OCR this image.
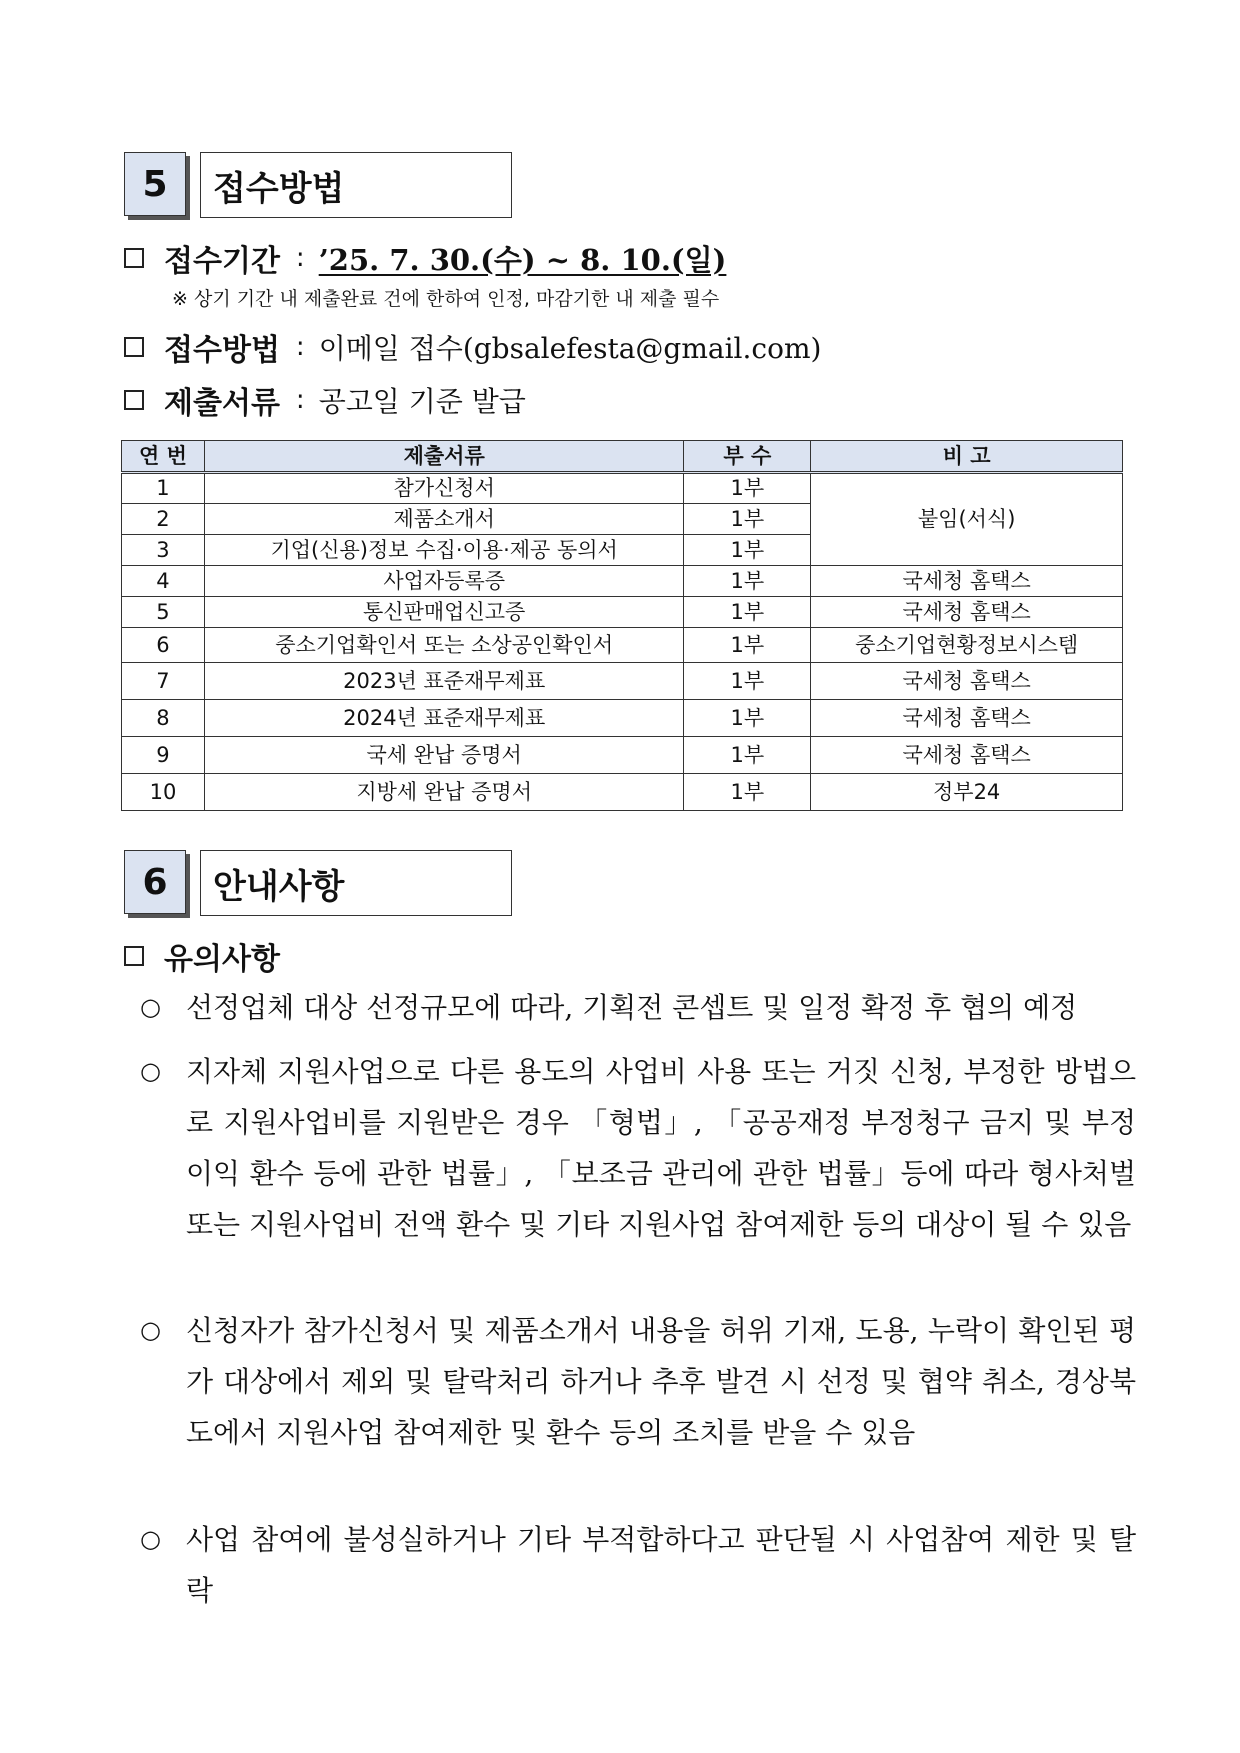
5	접수방법
접수기간 : ’25. 7. 30.(수) ~ 8. 10.(일)
※ 상기 기간 내 제출완료 건에 한하여 인정, 마감기한 내 제출 필수
접수방법 : 이메일 접수(gbsalefesta@gmail.com)
제출서류 : 공고일 기준 발급
연 번	제출서류	부 수	비 고
1	참가신청서	1부	붙임(서식)
2	제품소개서	1부	
3	기업(신용)정보 수집·이용·제공 동의서	1부	
4	사업자등록증	1부	국세청 홈택스
5	통신판매업신고증	1부	국세청 홈택스
6	중소기업확인서 또는 소상공인확인서	1부	중소기업현황정보시스템
7	2023년 표준재무제표	1부	국세청 홈택스
8	2024년 표준재무제표	1부	국세청 홈택스
9	국세 완납 증명서	1부	국세청 홈택스
10	지방세 완납 증명서	1부	정부24
6	안내사항
유의사항
○ 선정업체 대상 선정규모에 따라, 기획전 콘셉트 및 일정 확정 후 협의 예정
○ 지자체 지원사업으로 다른 용도의 사업비 사용 또는 거짓 신청, 부정한 방법으로 지원사업비를 지원받은 경우 「형법」, 「공공재정 부정청구 금지 및 부정이익 환수 등에 관한 법률」, 「보조금 관리에 관한 법률」등에 따라 형사처벌 또는 지원사업비 전액 환수 및 기타 지원사업 참여제한 등의 대상이 될 수 있음
○ 신청자가 참가신청서 및 제품소개서 내용을 허위 기재, 도용, 누락이 확인된 평가 대상에서 제외 및 탈락처리 하거나 추후 발견 시 선정 및 협약 취소, 경상북도에서 지원사업 참여제한 및 환수 등의 조치를 받을 수 있음
○ 사업 참여에 불성실하거나 기타 부적합하다고 판단될 시 사업참여 제한 및 탈락
